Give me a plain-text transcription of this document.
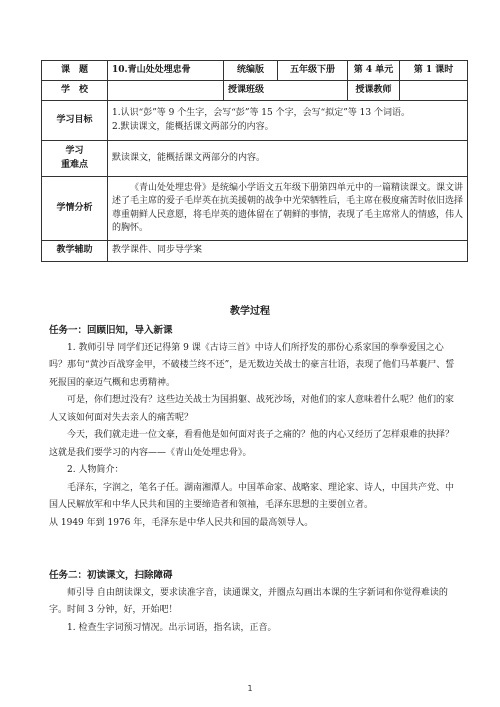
课　题	10.青山处处埋忠骨	统编版	五年级下册	第 4 单元	第 1 课时
学　校		授课班级		授课教师	
学习目标	1.认识“彭”等 9 个生字，会写“彭”等 15 个字，会写“拟定”等 13 个词语。
2.默读课文，能概括课文两部分的内容。				

学习
重难点	默读课文，能概括课文两部分的内容。				
学情分析	《青山处处埋忠骨》是统编小学语文五年级下册第四单元中的一篇精读课文。课文讲述了毛主席的爱子毛岸英在抗美援朝的战争中光荣牺牲后，毛主席在极度痛苦时依旧选择尊重朝鲜人民意愿，将毛岸英的遗体留在了朝鲜的事情，表现了毛主席常人的情感，伟人的胸怀。				
教学辅助	教学课件、同步导学案				
教学过程

任务一：回顾旧知，导入新课

1. 教师引导 同学们还记得第 9 课《古诗三首》中诗人们所抒发的那份心系家国的拳拳爱国之心吗？那句“黄沙百战穿金甲，不破楼兰终不还”，是无数边关战士的豪言壮语，表现了他们马革裹尸、誓死报国的豪迈气概和忠勇精神。

可是，你们想过没有？这些边关战士为国捐躯、战死沙场，对他们的家人意味着什么呢？他们的家人又该如何面对失去亲人的痛苦呢？

今天，我们就走进一位文豪，看看他是如何面对丧子之痛的？他的内心又经历了怎样艰难的抉择？这就是我们要学习的内容——《青山处处埋忠骨》。

2. 人物简介：

毛泽东，字润之，笔名子任。湖南湘潭人。中国革命家、战略家、理论家、诗人，中国共产党、中国人民解放军和中华人民共和国的主要缔造者和领袖，毛泽东思想的主要创立者。

从 1949 年到 1976 年，毛泽东是中华人民共和国的最高领导人。

任务二：初读课文，扫除障碍

师引导 自由朗读课文，要求读准字音，读通课文，并圈点勾画出本课的生字新词和你觉得难读的字。时间 3 分钟，好，开始吧！

1. 检查生字词预习情况。出示词语，指名读，正音。

1
